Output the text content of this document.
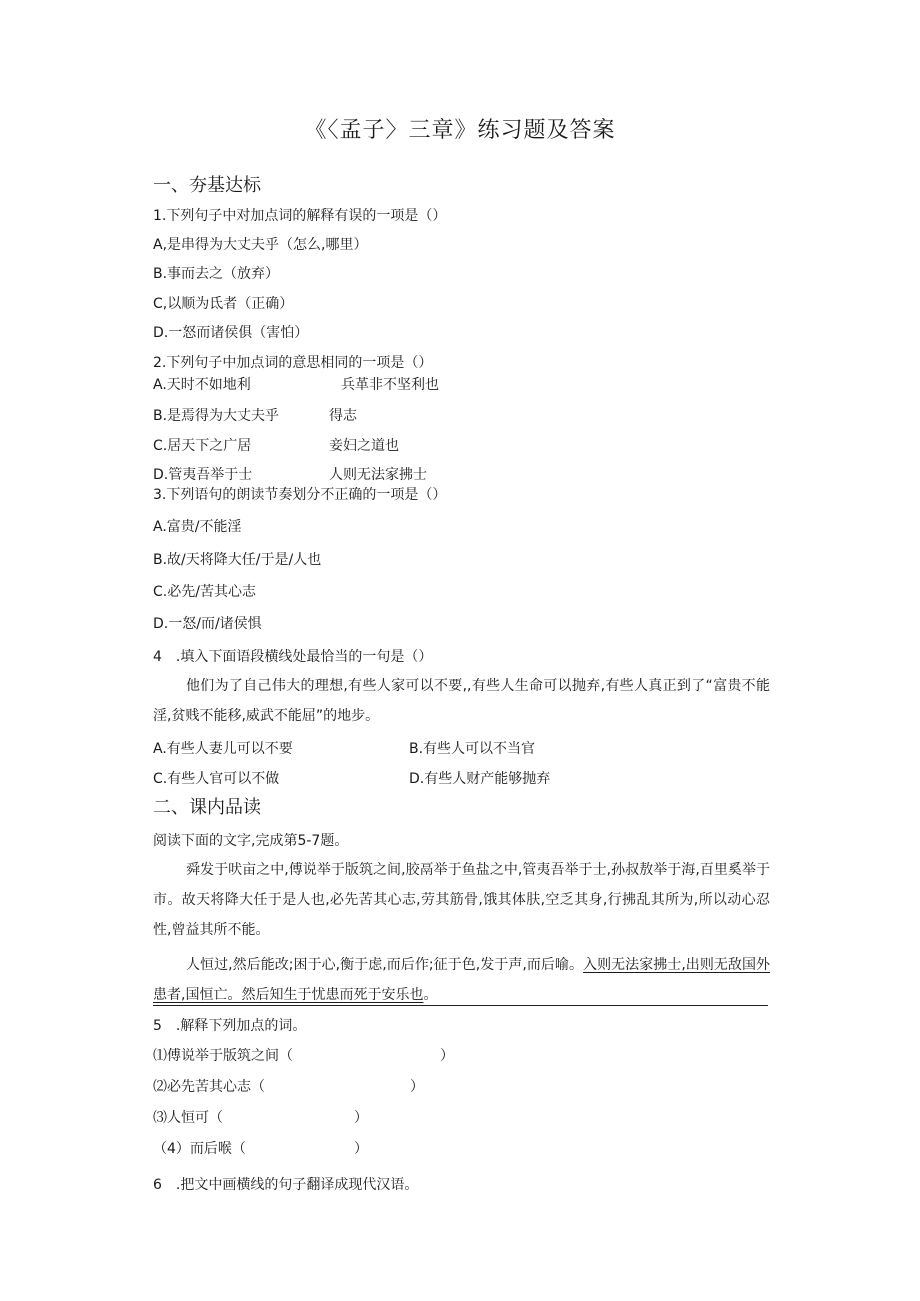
《〈孟子〉三章》练习题及答案
一、夯基达标
1.下列句子中对加点词的解释有误的一项是（）
A,是串得为大丈夫乎（怎么,哪里）
B.事而去之（放弃）
C,以顺为氐者（正确）
D.一怒而诸侯俱（害怕）
2.下列句子中加点词的意思相同的一项是（）
A.天时不如地利	兵革非不坚利也
B.是焉得为大丈夫乎	得志
C.居天下之广居	妾妇之道也
D.管夷吾举于士	人则无法家拂士
3.下列语句的朗读节奏划分不正确的一项是（）
A.富贵/不能淫
B.故/天将降大任/于是/人也
C.必先/苦其心志
D.一怒/而/诸侯惧
4　.填入下面语段横线处最恰当的一句是（）
他们为了自己伟大的理想,有些人家可以不要,,有些人生命可以抛弃,有些人真正到了“富贵不能淫,贫贱不能移,威武不能屈”的地步。
A.有些人妻儿可以不要	B.有些人可以不当官
C.有些人官可以不做	D.有些人财产能够抛弃
二、课内品读
阅读下面的文字,完成第5-7题。
舜发于吠亩之中,傅说举于版筑之间,胶鬲举于鱼盐之中,管夷吾举于士,孙叔敖举于海,百里奚举于市。故天将降大任于是人也,必先苦其心志,劳其筋骨,饿其体肤,空乏其身,行拂乱其所为,所以动心忍性,曾益其所不能。
人恒过,然后能改;困于心,衡于虑,而后作;征于色,发于声,而后喻。入则无法家拂士,出则无敌国外患者,国恒亡。然后知生于忧患而死于安乐也。
5　.解释下列加点的词。
⑴傅说举于版筑之间（	）
⑵必先苦其心志（	）
⑶人恒可（	）
（4）而后喉（	）
6　.把文中画横线的句子翻译成现代汉语。
